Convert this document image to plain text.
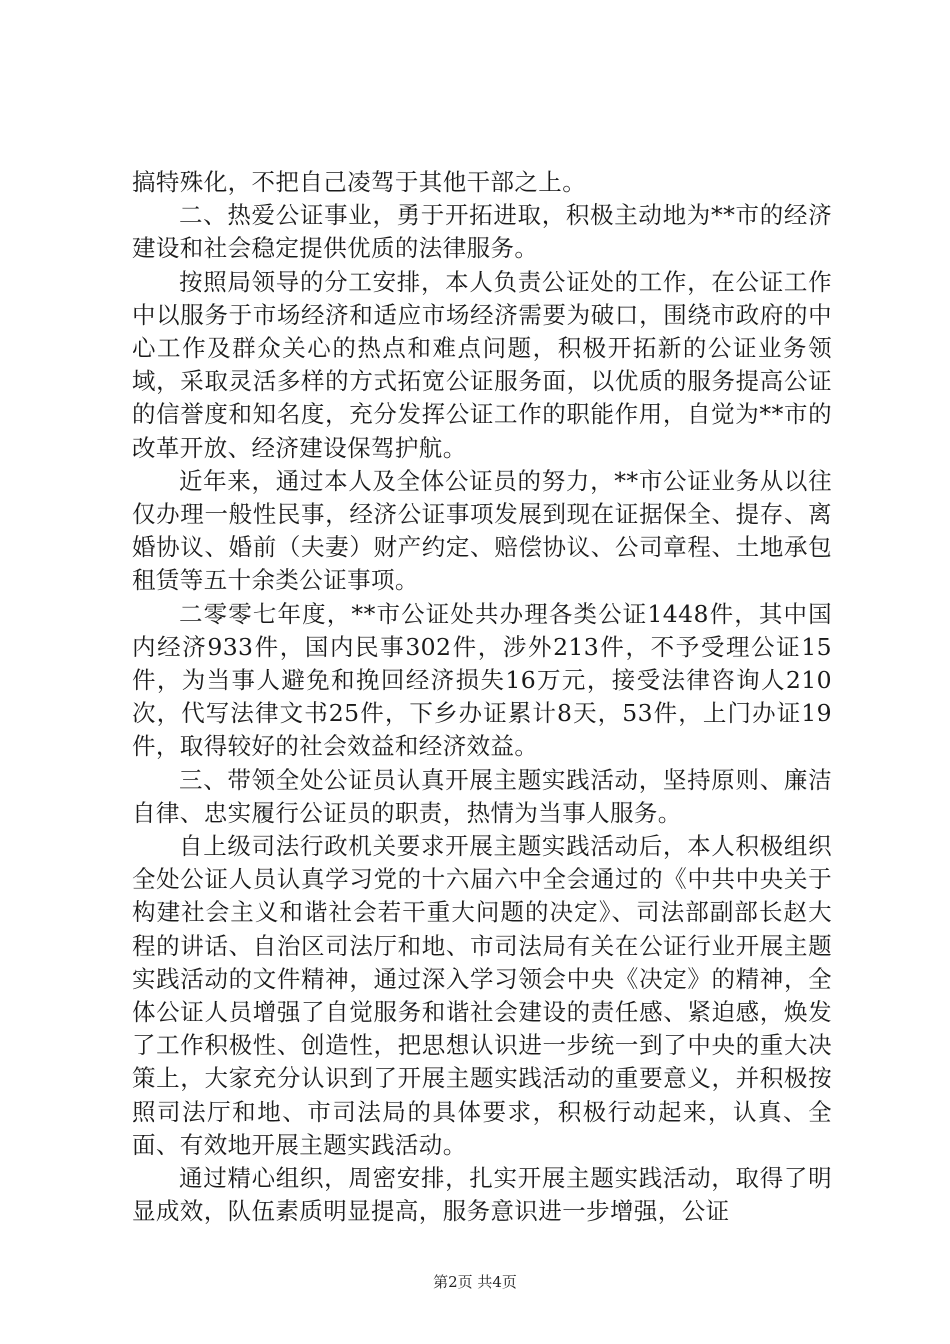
搞特殊化，不把自己凌驾于其他干部之上。

二、热爱公证事业，勇于开拓进取，积极主动地为**市的经济建设和社会稳定提供优质的法律服务。

按照局领导的分工安排，本人负责公证处的工作，在公证工作中以服务于市场经济和适应市场经济需要为破口，围绕市政府的中心工作及群众关心的热点和难点问题，积极开拓新的公证业务领域，采取灵活多样的方式拓宽公证服务面，以优质的服务提高公证的信誉度和知名度，充分发挥公证工作的职能作用，自觉为**市的改革开放、经济建设保驾护航。

近年来，通过本人及全体公证员的努力，**市公证业务从以往仅办理一般性民事，经济公证事项发展到现在证据保全、提存、离婚协议、婚前（夫妻）财产约定、赔偿协议、公司章程、土地承包租赁等五十余类公证事项。

二零零七年度，**市公证处共办理各类公证1448件，其中国内经济933件，国内民事302件，涉外213件，不予受理公证15件，为当事人避免和挽回经济损失16万元，接受法律咨询人210次，代写法律文书25件，下乡办证累计8天，53件，上门办证19件，取得较好的社会效益和经济效益。

三、带领全处公证员认真开展主题实践活动，坚持原则、廉洁自律、忠实履行公证员的职责，热情为当事人服务。

自上级司法行政机关要求开展主题实践活动后，本人积极组织全处公证人员认真学习党的十六届六中全会通过的《中共中央关于构建社会主义和谐社会若干重大问题的决定》、司法部副部长赵大程的讲话、自治区司法厅和地、市司法局有关在公证行业开展主题实践活动的文件精神，通过深入学习领会中央《决定》的精神，全体公证人员增强了自觉服务和谐社会建设的责任感、紧迫感，焕发了工作积极性、创造性，把思想认识进一步统一到了中央的重大决策上，大家充分认识到了开展主题实践活动的重要意义，并积极按照司法厅和地、市司法局的具体要求，积极行动起来，认真、全面、有效地开展主题实践活动。

通过精心组织，周密安排，扎实开展主题实践活动，取得了明显成效，队伍素质明显提高，服务意识进一步增强，公证

第2页 共4页
